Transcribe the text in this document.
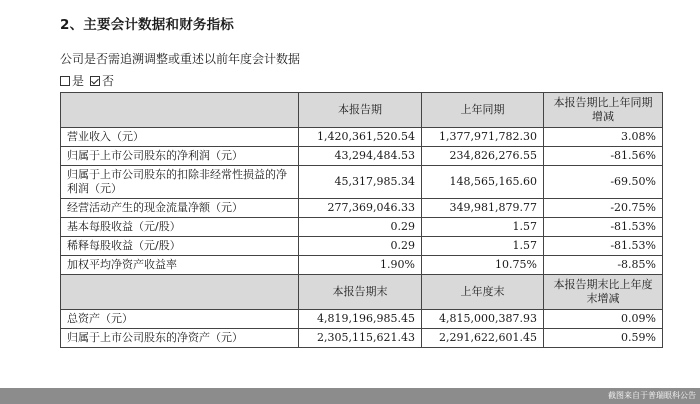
2、主要会计数据和财务指标
公司是否需追溯调整或重述以前年度会计数据
是 否
	本报告期	上年同期	本报告期比上年同期增减
营业收入（元）	1,420,361,520.54	1,377,971,782.30	3.08%
归属于上市公司股东的净利润（元）	43,294,484.53	234,826,276.55	-81.56%
归属于上市公司股东的扣除非经常性损益的净利润（元）	45,317,985.34	148,565,165.60	-69.50%
经营活动产生的现金流量净额（元）	277,369,046.33	349,981,879.77	-20.75%
基本每股收益（元/股）	0.29	1.57	-81.53%
稀释每股收益（元/股）	0.29	1.57	-81.53%
加权平均净资产收益率	1.90%	10.75%	-8.85%
	本报告期末	上年度末	本报告期末比上年度末增减
总资产（元）	4,819,196,985.45	4,815,000,387.93	0.09%
归属于上市公司股东的净资产（元）	2,305,115,621.43	2,291,622,601.45	0.59%
截图来自于普瑞眼科公告
